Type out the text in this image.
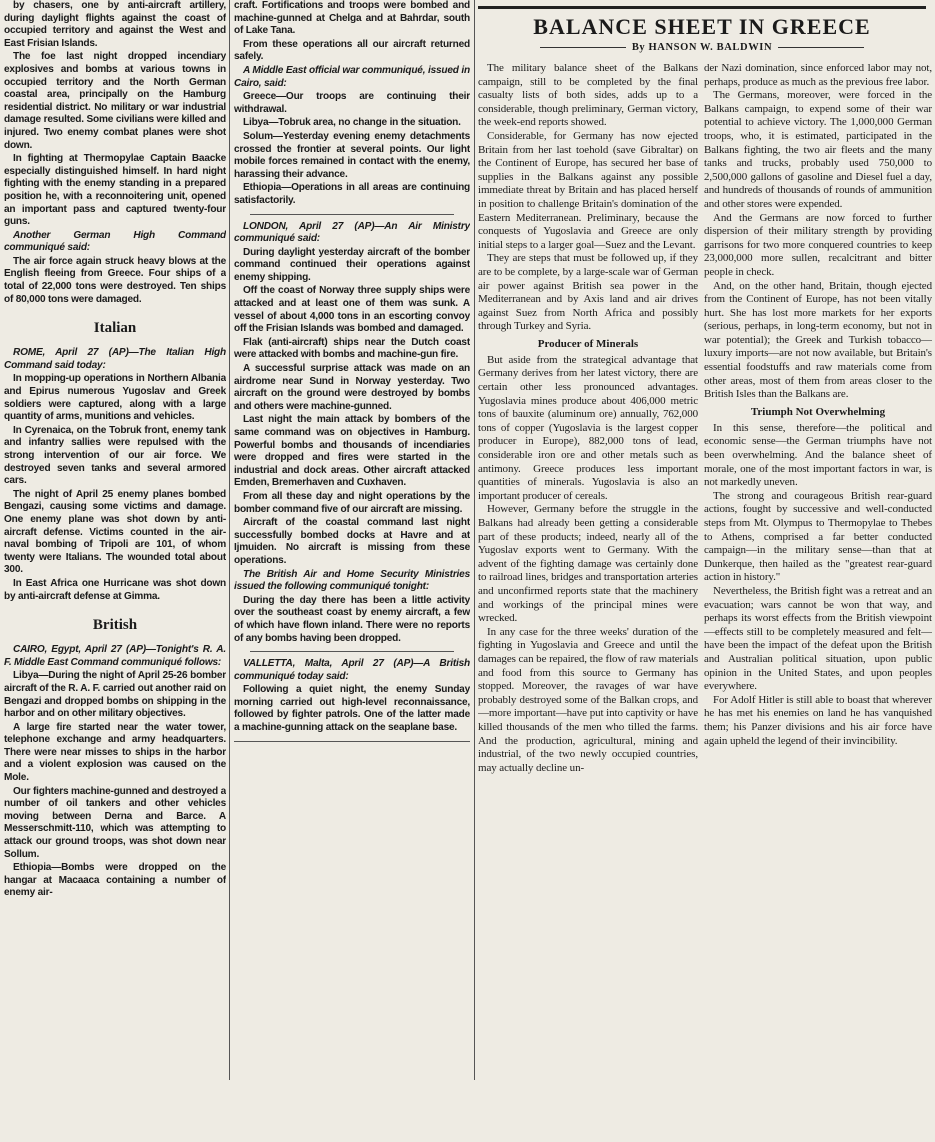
by chasers, one by anti-aircraft artillery, during daylight flights against the coast of occupied territory and against the West and East Frisian Islands.

The foe last night dropped incendiary explosives and bombs at various towns in occupied territory and the North German coastal area, principally on the Hamburg residential district. No military or war industrial damage resulted. Some civilians were killed and injured. Two enemy combat planes were shot down.

In fighting at Thermopylae Captain Baacke especially distinguished himself. In hard night fighting with the enemy standing in a prepared position he, with a reconnoitering unit, opened an important pass and captured twenty-four guns.

Another German High Command communiqué said:

The air force again struck heavy blows at the English fleeing from Greece. Four ships of a total of 22,000 tons were destroyed. Ten ships of 80,000 tons were damaged.

Italian

ROME, April 27 (AP)—The Italian High Command said today:

In mopping-up operations in Northern Albania and Epirus numerous Yugoslav and Greek soldiers were captured, along with a large quantity of arms, munitions and vehicles.

In Cyrenaica, on the Tobruk front, enemy tank and infantry sallies were repulsed with the strong intervention of our air force. We destroyed seven tanks and several armored cars.

The night of April 25 enemy planes bombed Bengazi, causing some victims and damage. One enemy plane was shot down by anti-aircraft defense. Victims counted in the air-naval bombing of Tripoli are 101, of whom twenty were Italians. The wounded total about 300.

In East Africa one Hurricane was shot down by anti-aircraft defense at Gimma.

British

CAIRO, Egypt, April 27 (AP)—Tonight's R. A. F. Middle East Command communiqué follows:

Libya—During the night of April 25-26 bomber aircraft of the R. A. F. carried out another raid on Bengazi and dropped bombs on shipping in the harbor and on other military objectives.

A large fire started near the water tower, telephone exchange and army headquarters. There were near misses to ships in the harbor and a violent explosion was caused on the Mole.

Our fighters machine-gunned and destroyed a number of oil tankers and other vehicles moving between Derna and Barce. A Messerschmitt-110, which was attempting to attack our ground troops, was shot down near Sollum.

Ethiopia—Bombs were dropped on the hangar at Macaaca containing a number of enemy air-

craft. Fortifications and troops were bombed and machine-gunned at Chelga and at Bahrdar, south of Lake Tana.

From these operations all our aircraft returned safely.

A Middle East official war communiqué, issued in Cairo, said:

Greece—Our troops are continuing their withdrawal.

Libya—Tobruk area, no change in the situation.

Solum—Yesterday evening enemy detachments crossed the frontier at several points. Our light mobile forces remained in contact with the enemy, harassing their advance.

Ethiopia—Operations in all areas are continuing satisfactorily.

LONDON, April 27 (AP)—An Air Ministry communiqué said:

During daylight yesterday aircraft of the bomber command continued their operations against enemy shipping.

Off the coast of Norway three supply ships were attacked and at least one of them was sunk. A vessel of about 4,000 tons in an escorting convoy off the Frisian Islands was bombed and damaged.

Flak (anti-aircraft) ships near the Dutch coast were attacked with bombs and machine-gun fire.

A successful surprise attack was made on an airdrome near Sund in Norway yesterday. Two aircraft on the ground were destroyed by bombs and others were machine-gunned.

Last night the main attack by bombers of the same command was on objectives in Hamburg. Powerful bombs and thousands of incendiaries were dropped and fires were started in the industrial and dock areas. Other aircraft attacked Emden, Bremerhaven and Cuxhaven.

From all these day and night operations by the bomber command five of our aircraft are missing.

Aircraft of the coastal command last night successfully bombed docks at Havre and at Ijmuiden. No aircraft is missing from these operations.

The British Air and Home Security Ministries issued the following communiqué tonight:

During the day there has been a little activity over the southeast coast by enemy aircraft, a few of which have flown inland. There were no reports of any bombs having been dropped.

VALLETTA, Malta, April 27 (AP)—A British communiqué today said:

Following a quiet night, the enemy Sunday morning carried out high-level reconnaissance, followed by fighter patrols. One of the latter made a machine-gunning attack on the seaplane base.

BALANCE SHEET IN GREECE
By HANSON W. BALDWIN

The military balance sheet of the Balkans campaign, still to be completed by the final casualty lists of both sides, adds up to a considerable, though preliminary, German victory, the week-end reports showed.

Considerable, for Germany has now ejected Britain from her last toehold (save Gibraltar) on the Continent of Europe, has secured her base of supplies in the Balkans against any possible immediate threat by Britain and has placed herself in position to challenge Britain's domination of the Eastern Mediterranean. Preliminary, because the conquests of Yugoslavia and Greece are only initial steps to a larger goal—Suez and the Levant.

They are steps that must be followed up, if they are to be complete, by a large-scale war of German air power against British sea power in the Mediterranean and by Axis land and air drives against Suez from North Africa and possibly through Turkey and Syria.

Producer of Minerals

But aside from the strategical advantage that Germany derives from her latest victory, there are certain other less pronounced advantages. Yugoslavia mines produce about 406,000 metric tons of bauxite (aluminum ore) annually, 762,000 tons of copper (Yugoslavia is the largest copper producer in Europe), 882,000 tons of lead, considerable iron ore and other metals such as antimony. Greece produces less important quantities of minerals. Yugoslavia is also an important producer of cereals.

However, Germany before the struggle in the Balkans had already been getting a considerable part of these products; indeed, nearly all of the Yugoslav exports went to Germany. With the advent of the fighting damage was certainly done to railroad lines, bridges and transportation arteries and unconfirmed reports state that the machinery and workings of the principal mines were wrecked.

In any case for the three weeks' duration of the fighting in Yugoslavia and Greece and until the damages can be repaired, the flow of raw materials and food from this source to Germany has stopped. Moreover, the ravages of war have probably destroyed some of the Balkan crops, and—more important—have put into captivity or have killed thousands of the men who tilled the farms. And the production, agricultural, mining and industrial, of the two newly occupied countries, may actually decline un-

der Nazi domination, since enforced labor may not, perhaps, produce as much as the previous free labor.

The Germans, moreover, were forced in the Balkans campaign, to expend some of their war potential to achieve victory. The 1,000,000 German troops, who, it is estimated, participated in the Balkans fighting, the two air fleets and the many tanks and trucks, probably used 750,000 to 2,500,000 gallons of gasoline and Diesel fuel a day, and hundreds of thousands of rounds of ammunition and other stores were expended.

And the Germans are now forced to further dispersion of their military strength by providing garrisons for two more conquered countries to keep 23,000,000 more sullen, recalcitrant and bitter people in check.

And, on the other hand, Britain, though ejected from the Continent of Europe, has not been vitally hurt. She has lost more markets for her exports (serious, perhaps, in long-term economy, but not in war potential); the Greek and Turkish tobacco—luxury imports—are not now available, but Britain's essential foodstuffs and raw materials come from other areas, most of them from areas closer to the British Isles than the Balkans are.

Triumph Not Overwhelming

In this sense, therefore—the political and economic sense—the German triumphs have not been overwhelming. And the balance sheet of morale, one of the most important factors in war, is not markedly uneven.

The strong and courageous British rear-guard actions, fought by successive and well-conducted steps from Mt. Olympus to Thermopylae to Thebes to Athens, comprised a far better conducted campaign—in the military sense—than that at Dunkerque, then hailed as the "greatest rear-guard action in history."

Nevertheless, the British fight was a retreat and an evacuation; wars cannot be won that way, and perhaps its worst effects from the British viewpoint—effects still to be completely measured and felt—have been the impact of the defeat upon the British and Australian political situation, upon public opinion in the United States, and upon peoples everywhere.

For Adolf Hitler is still able to boast that wherever he has met his enemies on land he has vanquished them; his Panzer divisions and his air force have again upheld the legend of their invincibility.
